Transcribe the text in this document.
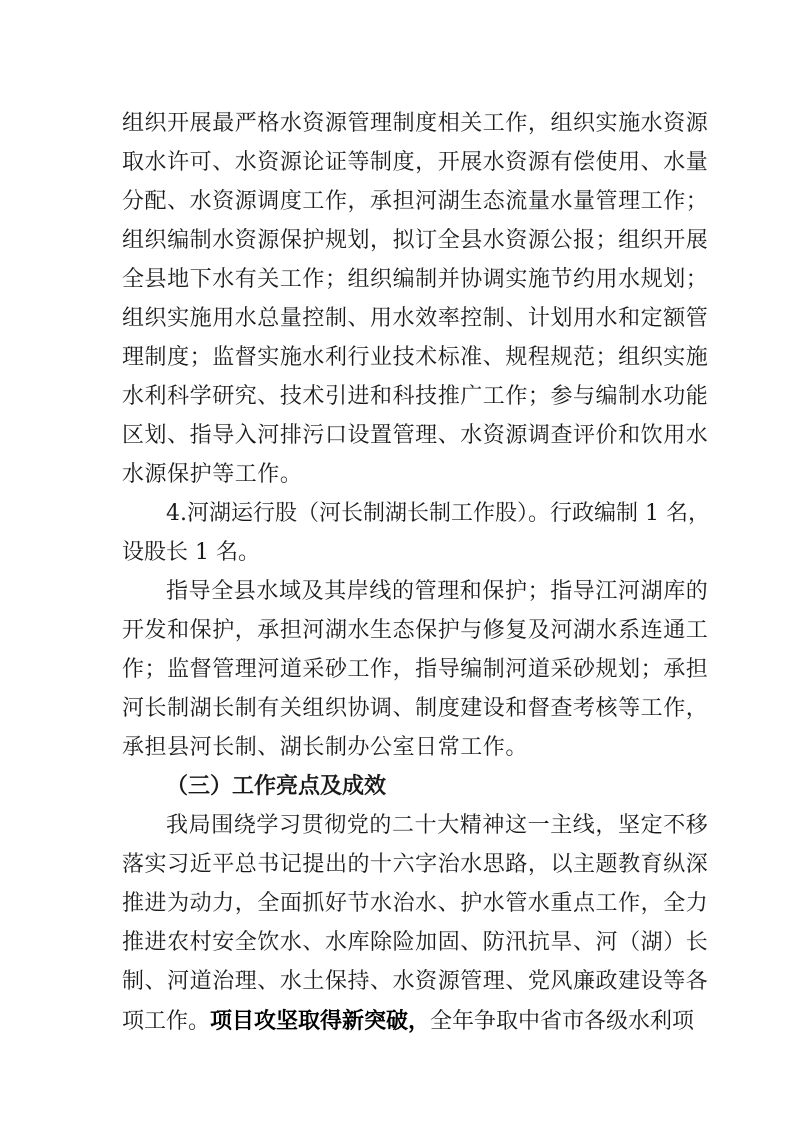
组织开展最严格水资源管理制度相关工作，组织实施水资源
取水许可、水资源论证等制度，开展水资源有偿使用、水量
分配、水资源调度工作，承担河湖生态流量水量管理工作；
组织编制水资源保护规划，拟订全县水资源公报；组织开展
全县地下水有关工作；组织编制并协调实施节约用水规划；
组织实施用水总量控制、用水效率控制、计划用水和定额管
理制度；监督实施水利行业技术标准、规程规范；组织实施
水利科学研究、技术引进和科技推广工作；参与编制水功能
区划、指导入河排污口设置管理、水资源调查评价和饮用水
水源保护等工作。
4.河湖运行股（河长制湖长制工作股）。行政编制 1 名，
设股长 1 名。
指导全县水域及其岸线的管理和保护；指导江河湖库的
开发和保护，承担河湖水生态保护与修复及河湖水系连通工
作；监督管理河道采砂工作，指导编制河道采砂规划；承担
河长制湖长制有关组织协调、制度建设和督查考核等工作，
承担县河长制、湖长制办公室日常工作。
（三）工作亮点及成效
我局围绕学习贯彻党的二十大精神这一主线，坚定不移
落实习近平总书记提出的十六字治水思路，以主题教育纵深
推进为动力，全面抓好节水治水、护水管水重点工作，全力
推进农村安全饮水、水库除险加固、防汛抗旱、河（湖）长
制、河道治理、水土保持、水资源管理、党风廉政建设等各
项工作。项目攻坚取得新突破，全年争取中省市各级水利项
